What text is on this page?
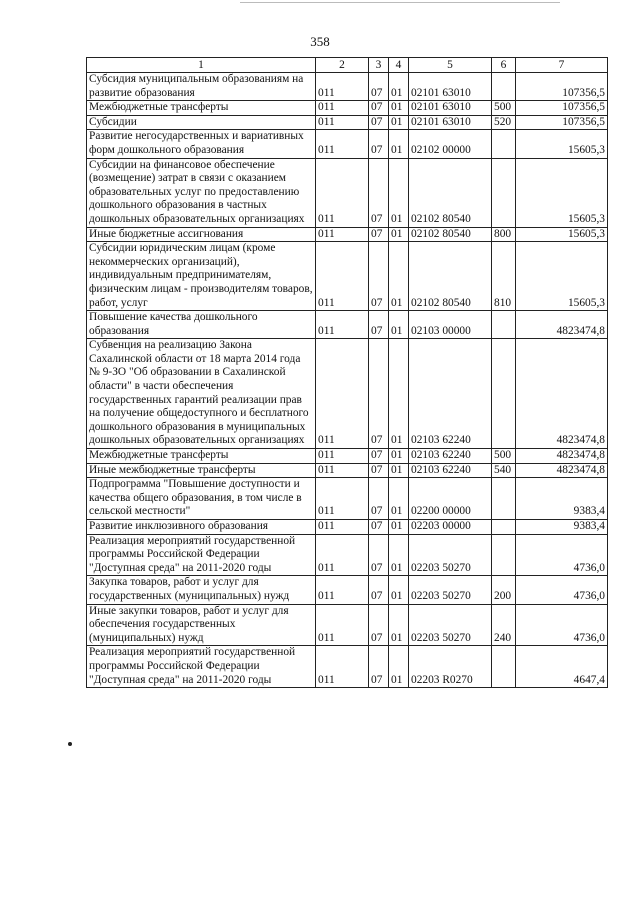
358
1	2	3	4	5	6	7
Субсидия муниципальным образованиям на развитие образования	011	07	01	02101 63010		107356,5
Межбюджетные трансферты	011	07	01	02101 63010	500	107356,5
Субсидии	011	07	01	02101 63010	520	107356,5
Развитие негосударственных и вариативных форм дошкольного образования	011	07	01	02102 00000		15605,3
Субсидии на финансовое обеспечение (возмещение) затрат в связи с оказанием образовательных услуг по предоставлению дошкольного образования в частных дошкольных образовательных организациях	011	07	01	02102 80540		15605,3
Иные бюджетные ассигнования	011	07	01	02102 80540	800	15605,3
Субсидии юридическим лицам (кроме некоммерческих организаций), индивидуальным предпринимателям, физическим лицам - производителям товаров, работ, услуг	011	07	01	02102 80540	810	15605,3
Повышение качества дошкольного образования	011	07	01	02103 00000		4823474,8
Субвенция на реализацию Закона Сахалинской области от 18 марта 2014 года № 9-ЗО "Об образовании в Сахалинской области" в части обеспечения государственных гарантий реализации прав на получение общедоступного и бесплатного дошкольного образования в муниципальных дошкольных образовательных организациях	011	07	01	02103 62240		4823474,8
Межбюджетные трансферты	011	07	01	02103 62240	500	4823474,8
Иные межбюджетные трансферты	011	07	01	02103 62240	540	4823474,8
Подпрограмма "Повышение доступности и качества общего образования, в том числе в сельской местности"	011	07	01	02200 00000		9383,4
Развитие инклюзивного образования	011	07	01	02203 00000		9383,4
Реализация мероприятий государственной программы Российской Федерации "Доступная среда" на 2011-2020 годы	011	07	01	02203 50270		4736,0
Закупка товаров, работ и услуг для государственных (муниципальных) нужд	011	07	01	02203 50270	200	4736,0
Иные закупки товаров, работ и услуг для обеспечения государственных (муниципальных) нужд	011	07	01	02203 50270	240	4736,0
Реализация мероприятий государственной программы Российской Федерации "Доступная среда" на 2011-2020 годы	011	07	01	02203 R0270		4647,4
